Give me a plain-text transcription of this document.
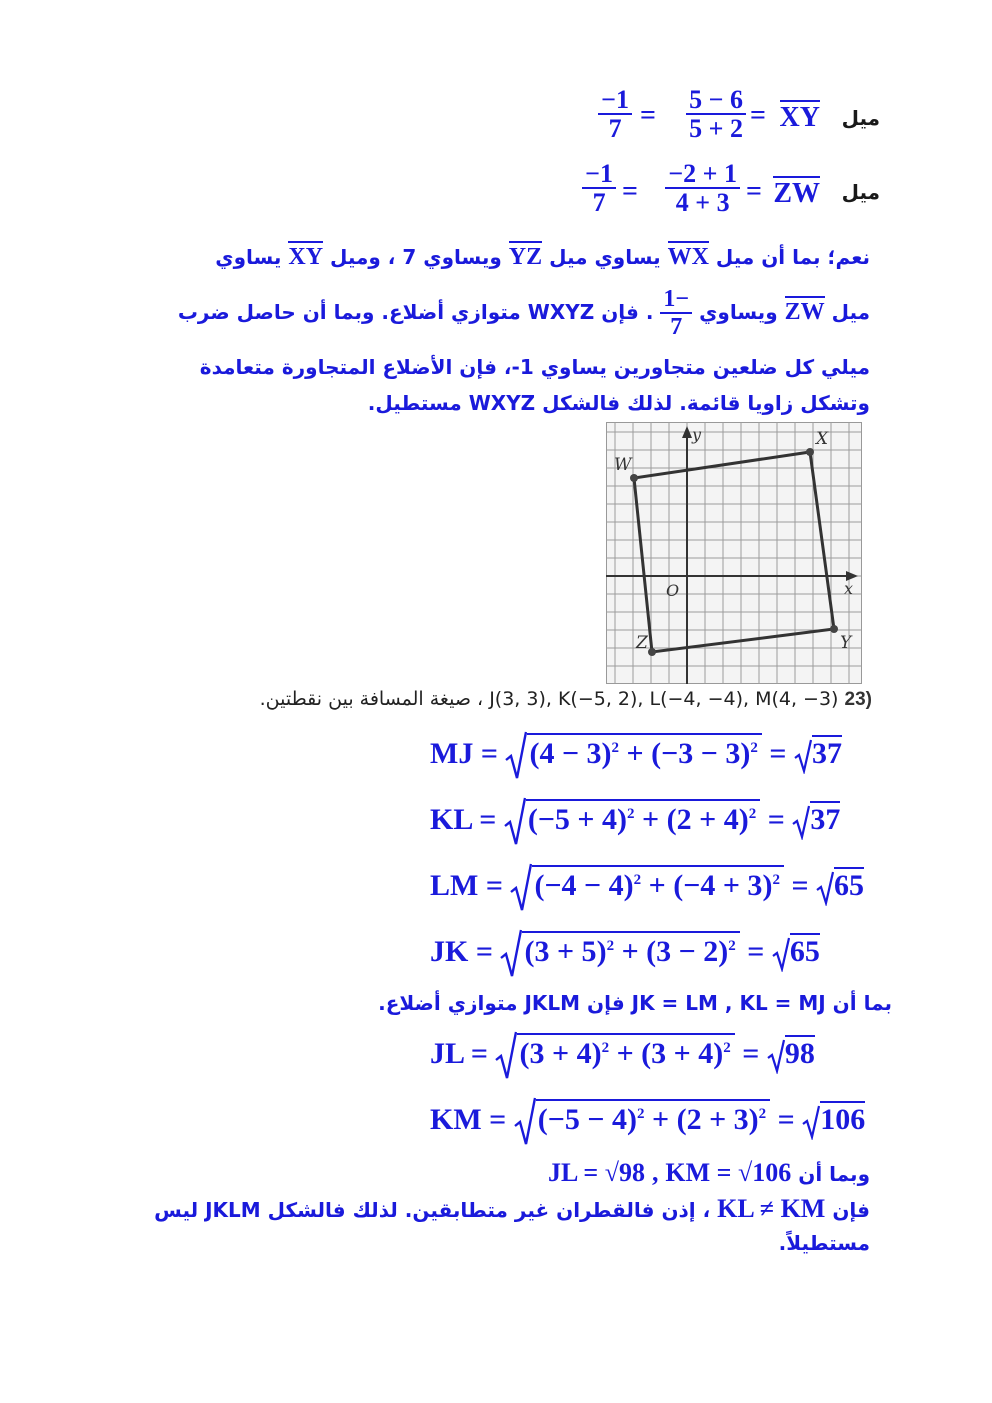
ميل
XY
=
$\frac{5 - 6}{5 + 2}$
=
$\frac{-1}{7}$
ميل
ZW
=
$\frac{-2 + 1}{4 + 3}$
=
$\frac{-1}{7}$
نعم؛ بما أن ميل WX يساوي ميل YZ ويساوي 7 ، وميل XY يساوي
ميل ZW ويساوي
$\frac{-1}{7}$
. فإن WXYZ متوازي أضلاع. وبما أن حاصل ضرب
ميلي كل ضلعين متجاورين يساوي 1-، فإن الأضلاع المتجاورة متعامدة
وتشكل زاويا قائمة. لذلك فالشكل WXYZ مستطيل.
W
X
Y
Z
O	x
y
(23 J(3, 3), K(−5, 2), L(−4, −4), M(4, −3) ، صيغة المسافة بين نقطتين.
MJ = $(4 - 3)^2 + (-3 - 3)^2 = 37$
KL = $(-5 + 4)^2 + (2 + 4)^2 = 37$
LM = $(-4 - 4)^2 + (-4 + 3)^2 = 65$
JK = $(3 + 5)^2 + (3 - 2)^2 = 65$
بما أن JK = LM , KL = MJ فإن JKLM متوازي أضلاع.
JL = $(3 + 4)^2 + (3 + 4)^2 = 98$
KM = $(-5 - 4)^2 + (2 + 3)^2 = 106$
وبما أن JL = √98 , KM = √106
فإن KL ≠ KM ، إذن فالقطران غير متطابقين. لذلك فالشكل JKLM ليس
مستطيلاً.
